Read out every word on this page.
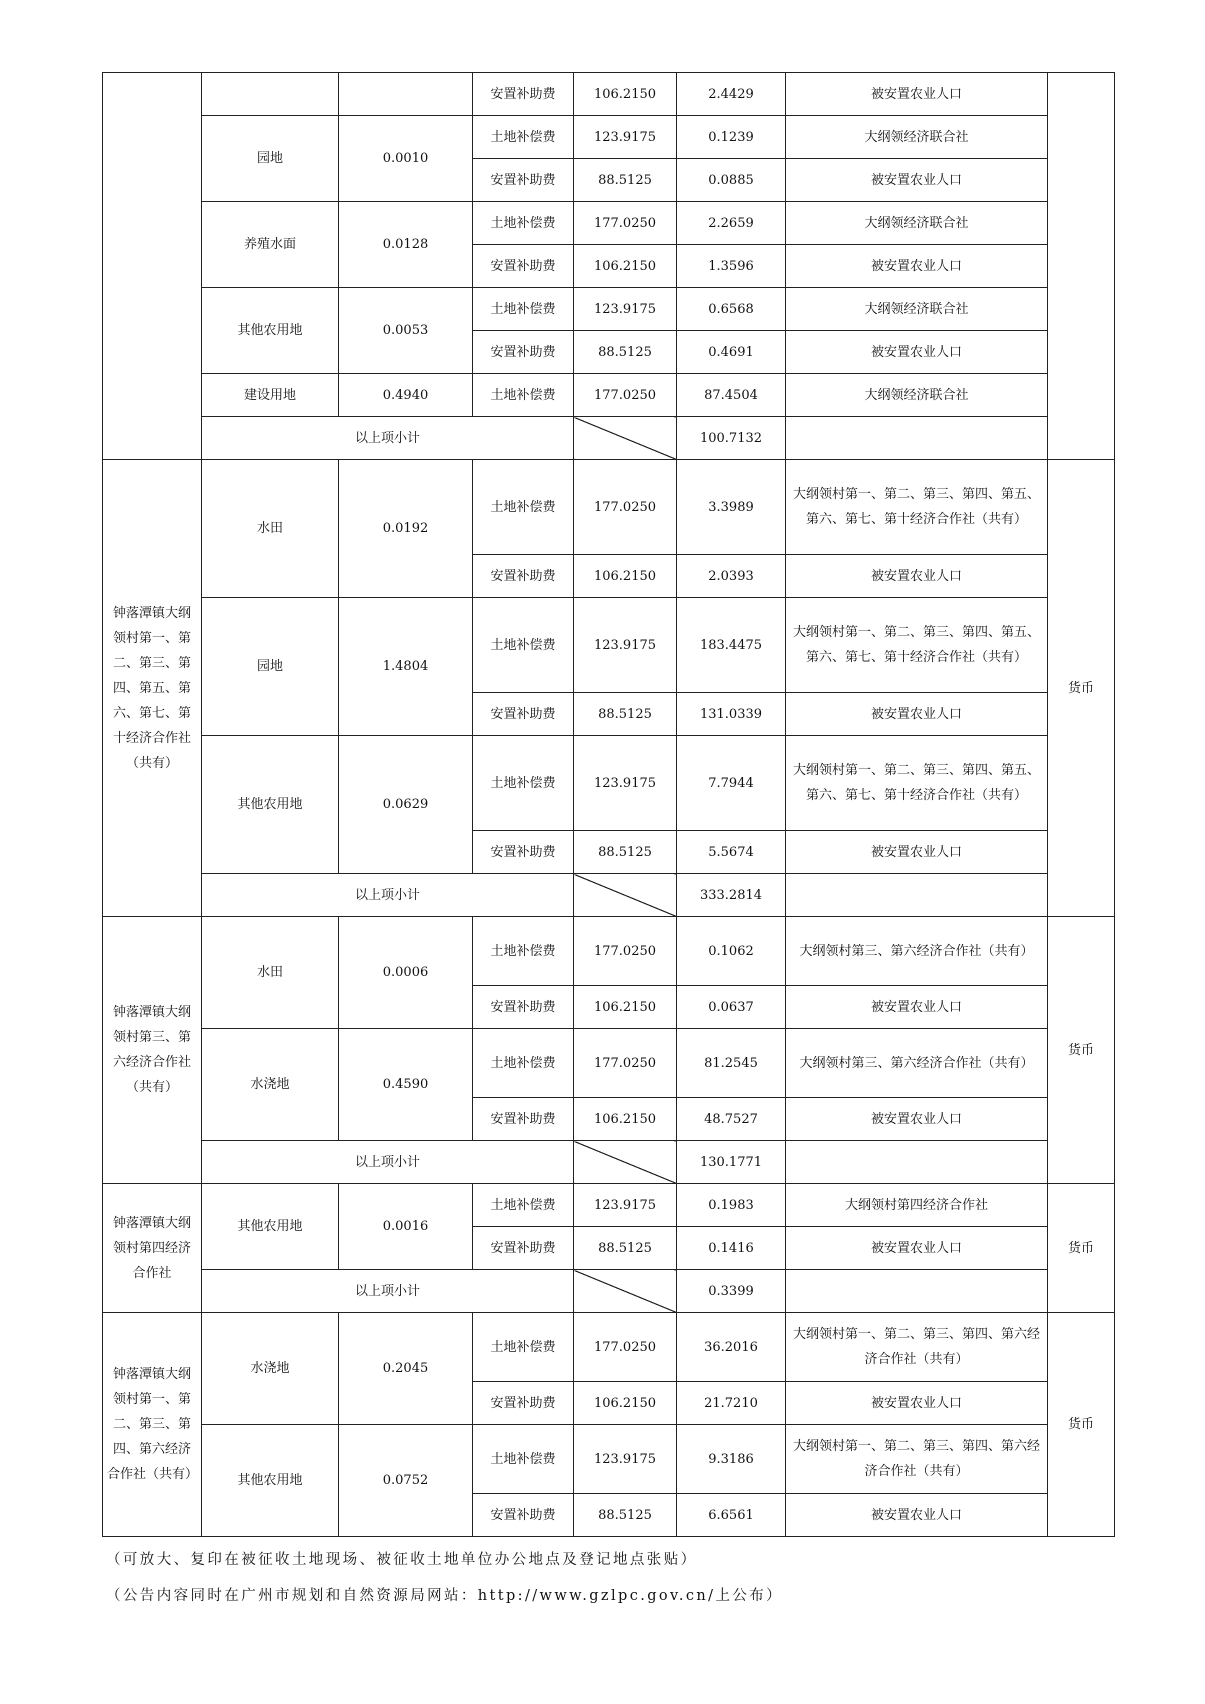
			安置补助费	106.2150	2.4429	被安置农业人口	
	园地	0.0010	土地补偿费	123.9175	0.1239	大纲领经济联合社	
			安置补助费	88.5125	0.0885	被安置农业人口	
	养殖水面	0.0128	土地补偿费	177.0250	2.2659	大纲领经济联合社	
			安置补助费	106.2150	1.3596	被安置农业人口	
	其他农用地	0.0053	土地补偿费	123.9175	0.6568	大纲领经济联合社	
			安置补助费	88.5125	0.4691	被安置农业人口	
	建设用地	0.4940	土地补偿费	177.0250	87.4504	大纲领经济联合社	
	以上项小计				100.7132		
钟落潭镇大纲领村第一、第二、第三、第四、第五、第六、第七、第十经济合作社（共有）	水田	0.0192	土地补偿费	177.0250	3.3989	大纲领村第一、第二、第三、第四、第五、第六、第七、第十经济合作社（共有）	货币
			安置补助费	106.2150	2.0393	被安置农业人口	
	园地	1.4804	土地补偿费	123.9175	183.4475	大纲领村第一、第二、第三、第四、第五、第六、第七、第十经济合作社（共有）	
			安置补助费	88.5125	131.0339	被安置农业人口	
	其他农用地	0.0629	土地补偿费	123.9175	7.7944	大纲领村第一、第二、第三、第四、第五、第六、第七、第十经济合作社（共有）	
			安置补助费	88.5125	5.5674	被安置农业人口	
	以上项小计				333.2814		
钟落潭镇大纲领村第三、第六经济合作社（共有）	水田	0.0006	土地补偿费	177.0250	0.1062	大纲领村第三、第六经济合作社（共有）	货币
			安置补助费	106.2150	0.0637	被安置农业人口	
	水浇地	0.4590	土地补偿费	177.0250	81.2545	大纲领村第三、第六经济合作社（共有）	
			安置补助费	106.2150	48.7527	被安置农业人口	
	以上项小计				130.1771		
钟落潭镇大纲领村第四经济合作社	其他农用地	0.0016	土地补偿费	123.9175	0.1983	大纲领村第四经济合作社	货币
			安置补助费	88.5125	0.1416	被安置农业人口	
	以上项小计				0.3399		
钟落潭镇大纲领村第一、第二、第三、第四、第六经济合作社（共有）	水浇地	0.2045	土地补偿费	177.0250	36.2016	大纲领村第一、第二、第三、第四、第六经济合作社（共有）	货币
			安置补助费	106.2150	21.7210	被安置农业人口	
	其他农用地	0.0752	土地补偿费	123.9175	9.3186	大纲领村第一、第二、第三、第四、第六经济合作社（共有）	
			安置补助费	88.5125	6.6561	被安置农业人口	
（可放大、复印在被征收土地现场、被征收土地单位办公地点及登记地点张贴）
（公告内容同时在广州市规划和自然资源局网站：http://www.gzlpc.gov.cn/上公布）
